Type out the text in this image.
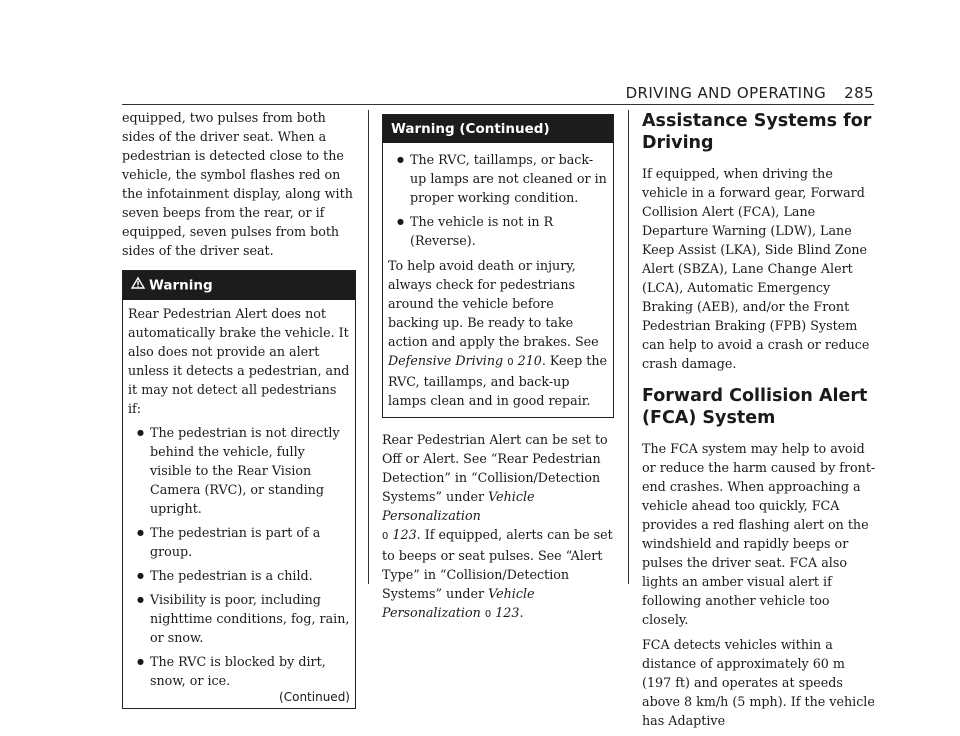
DRIVING AND OPERATING 285

equipped, two pulses from both sides of the driver seat. When a pedestrian is detected close to the vehicle, the symbol flashes red on the infotainment display, along with seven beeps from the rear, or if equipped, seven pulses from both sides of the driver seat.

Warning

Rear Pedestrian Alert does not automatically brake the vehicle. It also does not provide an alert unless it detects a pedestrian, and it may not detect all pedestrians if:

● The pedestrian is not directly behind the vehicle, fully visible to the Rear Vision Camera (RVC), or standing upright.
● The pedestrian is part of a group.
● The pedestrian is a child.
● Visibility is poor, including nighttime conditions, fog, rain, or snow.
● The RVC is blocked by dirt, snow, or ice.
(Continued)
Warning (Continued)
● The RVC, taillamps, or back-up lamps are not cleaned or in proper working condition.
● The vehicle is not in R (Reverse).

To help avoid death or injury, always check for pedestrians around the vehicle before backing up. Be ready to take action and apply the brakes. See Defensive Driving 0 210. Keep the RVC, taillamps, and back-up lamps clean and in good repair.

Rear Pedestrian Alert can be set to Off or Alert. See “Rear Pedestrian Detection” in “Collision/Detection Systems” under Vehicle Personalization
0 123. If equipped, alerts can be set to beeps or seat pulses. See “Alert Type” in “Collision/Detection Systems” under Vehicle Personalization 0 123.

Assistance Systems for Driving

If equipped, when driving the vehicle in a forward gear, Forward Collision Alert (FCA), Lane Departure Warning (LDW), Lane Keep Assist (LKA), Side Blind Zone Alert (SBZA), Lane Change Alert (LCA), Automatic Emergency Braking (AEB), and/or the Front Pedestrian Braking (FPB) System can help to avoid a crash or reduce crash damage.

Forward Collision Alert (FCA) System

The FCA system may help to avoid or reduce the harm caused by front-end crashes. When approaching a vehicle ahead too quickly, FCA provides a red flashing alert on the windshield and rapidly beeps or pulses the driver seat. FCA also lights an amber visual alert if following another vehicle too closely.

FCA detects vehicles within a distance of approximately 60 m (197 ft) and operates at speeds above 8 km/h (5 mph). If the vehicle has Adaptive
